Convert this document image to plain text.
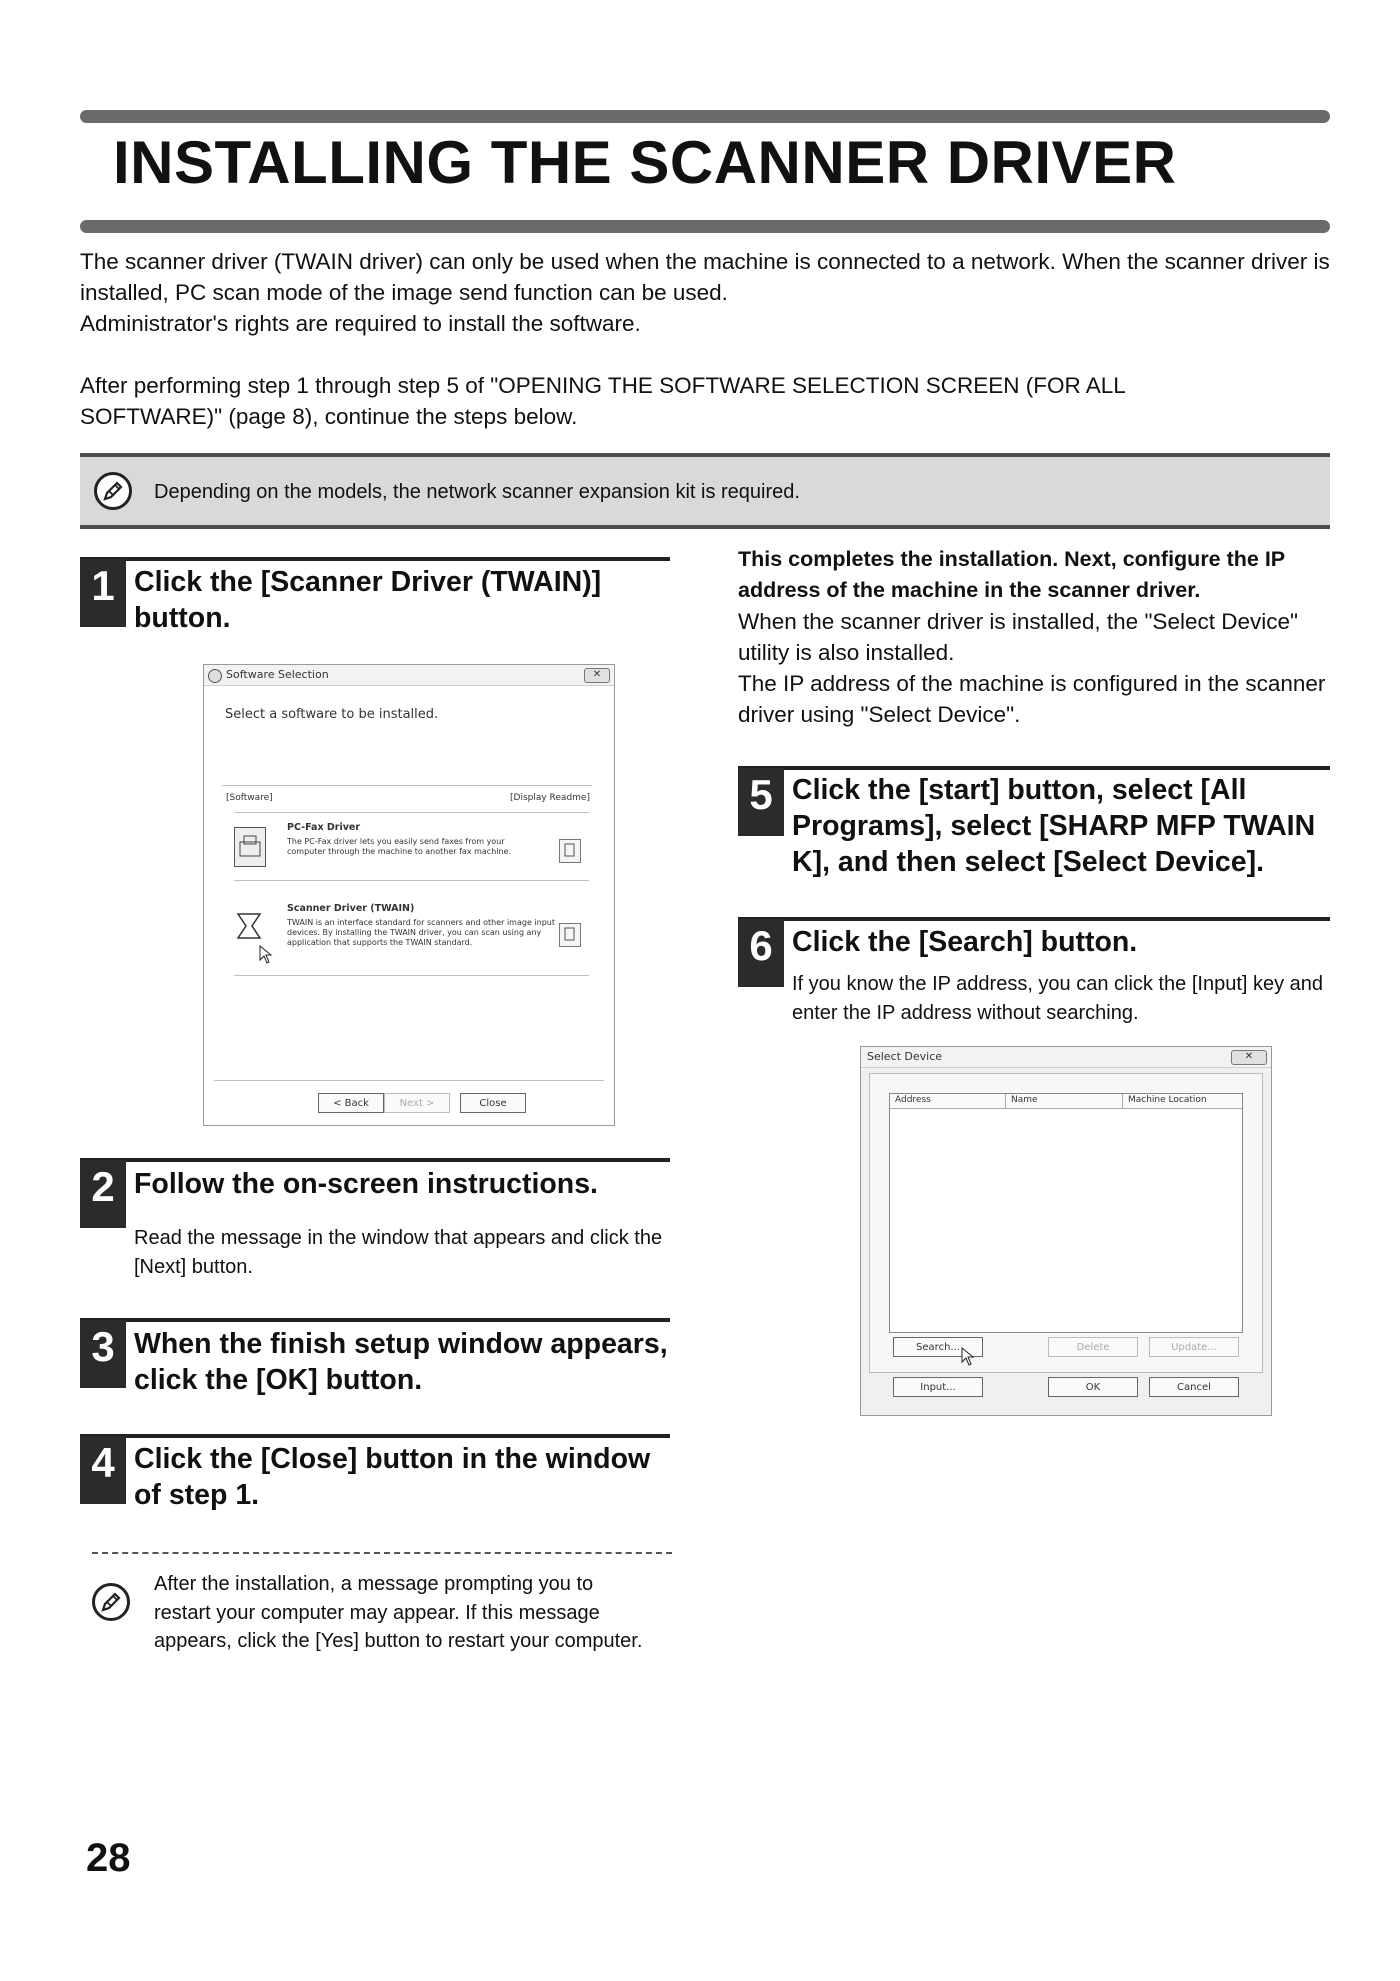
INSTALLING THE SCANNER DRIVER

The scanner driver (TWAIN driver) can only be used when the machine is connected to a network. When the scanner driver is installed, PC scan mode of the image send function can be used.

Administrator's rights are required to install the software.

After performing step 1 through step 5 of "OPENING THE SOFTWARE SELECTION SCREEN (FOR ALL SOFTWARE)" (page 8), continue the steps below.

Depending on the models, the network scanner expansion kit is required.

1 Click the [Scanner Driver (TWAIN)] button.

Software Selection	✕

Select a software to be installed.

[Software]	[Display Readme]

PC-Fax Driver

The PC-Fax driver lets you easily send faxes from your computer through the machine to another fax machine.

Scanner Driver (TWAIN)

TWAIN is an interface standard for scanners and other image input devices. By installing the TWAIN driver, you can scan using any application that supports the TWAIN standard.

< Back	Next >	Close
2 Follow the on-screen instructions.

Read the message in the window that appears and click the [Next] button.

3 When the finish setup window appears, click the [OK] button.

4 Click the [Close] button in the window of step 1.

After the installation, a message prompting you to restart your computer may appear. If this message appears, click the [Yes] button to restart your computer.

This completes the installation. Next, configure the IP address of the machine in the scanner driver.

When the scanner driver is installed, the "Select Device" utility is also installed.

The IP address of the machine is configured in the scanner driver using "Select Device".

5 Click the [start] button, select [All Programs], select [SHARP MFP TWAIN K], and then select [Select Device].

6 Click the [Search] button.

If you know the IP address, you can click the [Input] key and enter the IP address without searching.

Select Device	✕
Address	Name	Machine Location
Search...	Delete	Update...
Input...	OK	Cancel
28
